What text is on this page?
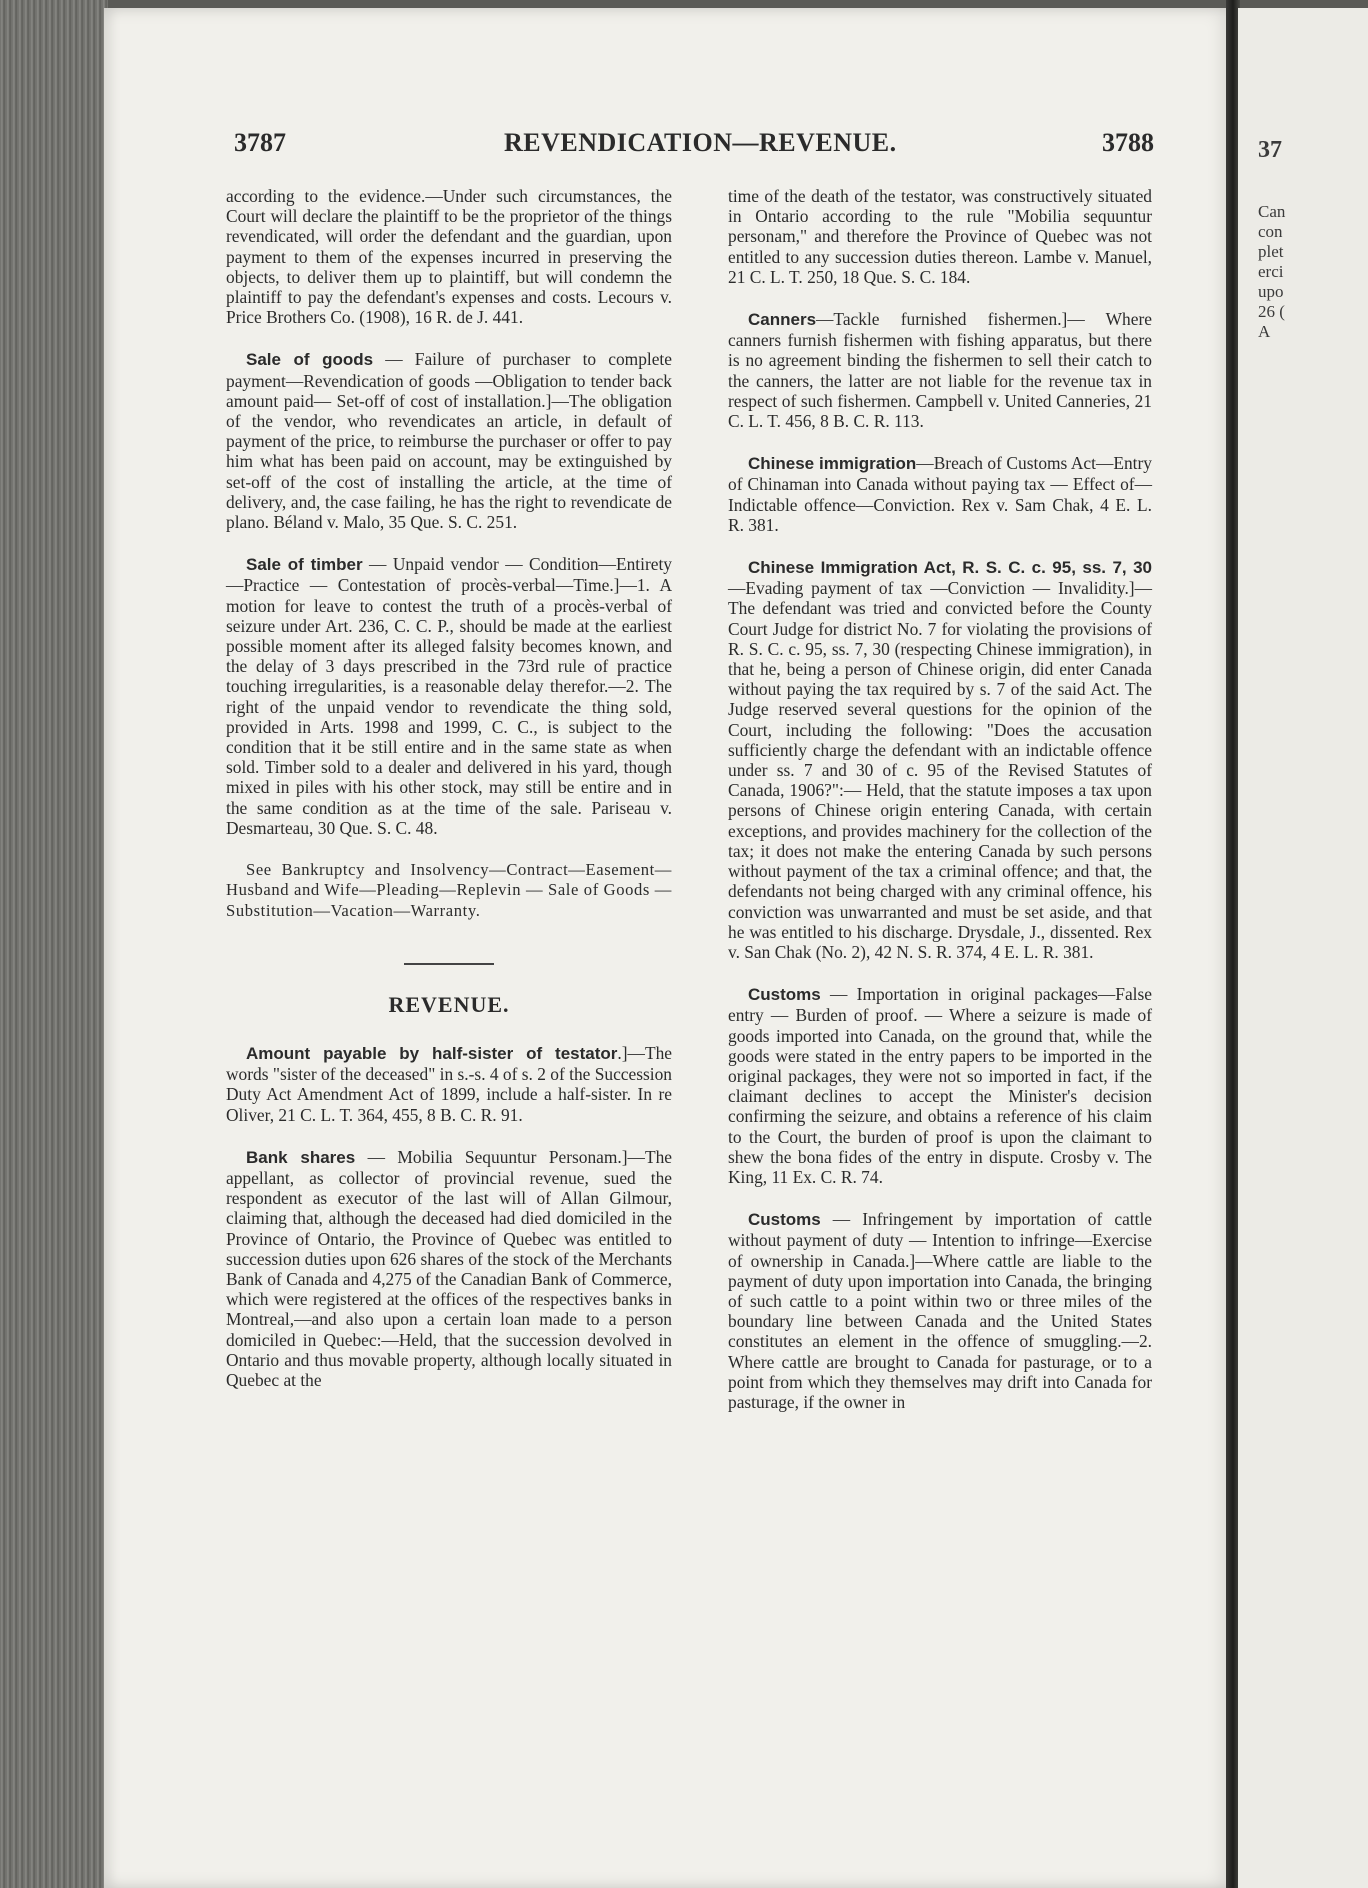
3787	REVENDICATION—REVENUE.	3788

according to the evidence.—Under such circumstances, the Court will declare the plaintiff to be the proprietor of the things revendicated, will order the defendant and the guardian, upon payment to them of the expenses incurred in preserving the objects, to deliver them up to plaintiff, but will condemn the plaintiff to pay the defendant's expenses and costs. Lecours v. Price Brothers Co. (1908), 16 R. de J. 441.

Sale of goods — Failure of purchaser to complete payment—Revendication of goods —Obligation to tender back amount paid— Set-off of cost of installation.]—The obligation of the vendor, who revendicates an article, in default of payment of the price, to reimburse the purchaser or offer to pay him what has been paid on account, may be extinguished by set-off of the cost of installing the article, at the time of delivery, and, the case failing, he has the right to revendicate de plano. Béland v. Malo, 35 Que. S. C. 251.

Sale of timber — Unpaid vendor — Condition—Entirety—Practice — Contestation of procès-verbal—Time.]—1. A motion for leave to contest the truth of a procès-verbal of seizure under Art. 236, C. C. P., should be made at the earliest possible moment after its alleged falsity becomes known, and the delay of 3 days prescribed in the 73rd rule of practice touching irregularities, is a reasonable delay therefor.—2. The right of the unpaid vendor to revendicate the thing sold, provided in Arts. 1998 and 1999, C. C., is subject to the condition that it be still entire and in the same state as when sold. Timber sold to a dealer and delivered in his yard, though mixed in piles with his other stock, may still be entire and in the same condition as at the time of the sale. Pariseau v. Desmarteau, 30 Que. S. C. 48.

See Bankruptcy and Insolvency—Contract—Easement—Husband and Wife—Pleading—Replevin — Sale of Goods — Substitution—Vacation—Warranty.

REVENUE.

Amount payable by half-sister of testator.]—The words "sister of the deceased" in s.-s. 4 of s. 2 of the Succession Duty Act Amendment Act of 1899, include a half-sister. In re Oliver, 21 C. L. T. 364, 455, 8 B. C. R. 91.

Bank shares — Mobilia Sequuntur Personam.]—The appellant, as collector of provincial revenue, sued the respondent as executor of the last will of Allan Gilmour, claiming that, although the deceased had died domiciled in the Province of Ontario, the Province of Quebec was entitled to succession duties upon 626 shares of the stock of the Merchants Bank of Canada and 4,275 of the Canadian Bank of Commerce, which were registered at the offices of the respectives banks in Montreal,—and also upon a certain loan made to a person domiciled in Quebec:—Held, that the succession devolved in Ontario and thus movable property, although locally situated in Quebec at the

time of the death of the testator, was constructively situated in Ontario according to the rule "Mobilia sequuntur personam," and therefore the Province of Quebec was not entitled to any succession duties thereon. Lambe v. Manuel, 21 C. L. T. 250, 18 Que. S. C. 184.

Canners—Tackle furnished fishermen.]— Where canners furnish fishermen with fishing apparatus, but there is no agreement binding the fishermen to sell their catch to the canners, the latter are not liable for the revenue tax in respect of such fishermen. Campbell v. United Canneries, 21 C. L. T. 456, 8 B. C. R. 113.

Chinese immigration—Breach of Customs Act—Entry of Chinaman into Canada without paying tax — Effect of—Indictable offence—Conviction. Rex v. Sam Chak, 4 E. L. R. 381.

Chinese Immigration Act, R. S. C. c. 95, ss. 7, 30—Evading payment of tax —Conviction — Invalidity.]—The defendant was tried and convicted before the County Court Judge for district No. 7 for violating the provisions of R. S. C. c. 95, ss. 7, 30 (respecting Chinese immigration), in that he, being a person of Chinese origin, did enter Canada without paying the tax required by s. 7 of the said Act. The Judge reserved several questions for the opinion of the Court, including the following: "Does the accusation sufficiently charge the defendant with an indictable offence under ss. 7 and 30 of c. 95 of the Revised Statutes of Canada, 1906?":— Held, that the statute imposes a tax upon persons of Chinese origin entering Canada, with certain exceptions, and provides machinery for the collection of the tax; it does not make the entering Canada by such persons without payment of the tax a criminal offence; and that, the defendants not being charged with any criminal offence, his conviction was unwarranted and must be set aside, and that he was entitled to his discharge. Drysdale, J., dissented. Rex v. San Chak (No. 2), 42 N. S. R. 374, 4 E. L. R. 381.

Customs — Importation in original packages—False entry — Burden of proof. — Where a seizure is made of goods imported into Canada, on the ground that, while the goods were stated in the entry papers to be imported in the original packages, they were not so imported in fact, if the claimant declines to accept the Minister's decision confirming the seizure, and obtains a reference of his claim to the Court, the burden of proof is upon the claimant to shew the bona fides of the entry in dispute. Crosby v. The King, 11 Ex. C. R. 74.

Customs — Infringement by importation of cattle without payment of duty — Intention to infringe—Exercise of ownership in Canada.]—Where cattle are liable to the payment of duty upon importation into Canada, the bringing of such cattle to a point within two or three miles of the boundary line between Canada and the United States constitutes an element in the offence of smuggling.—2. Where cattle are brought to Canada for pasturage, or to a point from which they themselves may drift into Canada for pasturage, if the owner in

37
Can
con
plet
erci
upo
26 (
A
